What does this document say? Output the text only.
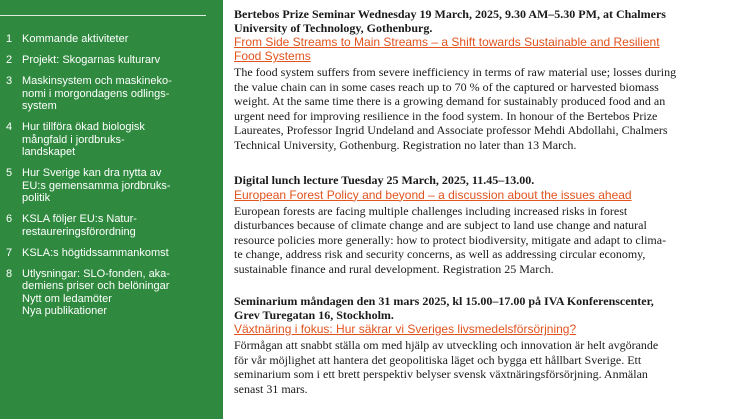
1 Kommande aktiviteter
2 Projekt: Skogarnas kulturarv
3 Maskinsystem och maskineko-
nomi i morgondagens odlings-
system
4 Hur tillföra ökad biologisk
mångfald i jordbruks-
landskapet
5 Hur Sverige kan dra nytta av
EU:s gemensamma jordbruks-
politik
6 KSLA följer EU:s Natur-
restaureringsförordning
7 KSLA:s högtidssammankomst
8 Utlysningar: SLO-fonden, aka-
demiens priser och belöningar
Nytt om ledamöter
Nya publikationer
Bertebos Prize Seminar Wednesday 19 March, 2025, 9.30 AM–5.30 PM, at Chalmers
University of Technology, Gothenburg.
From Side Streams to Main Streams – a Shift towards Sustainable and Resilient
Food Systems
The food system suffers from severe inefficiency in terms of raw material use; losses during
the value chain can in some cases reach up to 70 % of the captured or harvested biomass
weight. At the same time there is a growing demand for sustainably produced food and an
urgent need for improving resilience in the food system. In honour of the Bertebos Prize
Laureates, Professor Ingrid Undeland and Associate professor Mehdi Abdollahi, Chalmers
Technical University, Gothenburg. Registration no later than 13 March.
Digital lunch lecture Tuesday 25 March, 2025, 11.45–13.00.
European Forest Policy and beyond – a discussion about the issues ahead
European forests are facing multiple challenges including increased risks in forest
disturbances because of climate change and are subject to land use change and natural
resource policies more generally: how to protect biodiversity, mitigate and adapt to clima-
te change, address risk and security concerns, as well as addressing circular economy,
sustainable finance and rural development. Registration 25 March.
Seminarium måndagen den 31 mars 2025, kl 15.00–17.00 på IVA Konferenscenter,
Grev Turegatan 16, Stockholm.
Växtnäring i fokus: Hur säkrar vi Sveriges livsmedelsförsörjning?
Förmågan att snabbt ställa om med hjälp av utveckling och innovation är helt avgörande
för vår möjlighet att hantera det geopolitiska läget och bygga ett hållbart Sverige. Ett
seminarium som i ett brett perspektiv belyser svensk växtnäringsförsörjning. Anmälan
senast 31 mars.
